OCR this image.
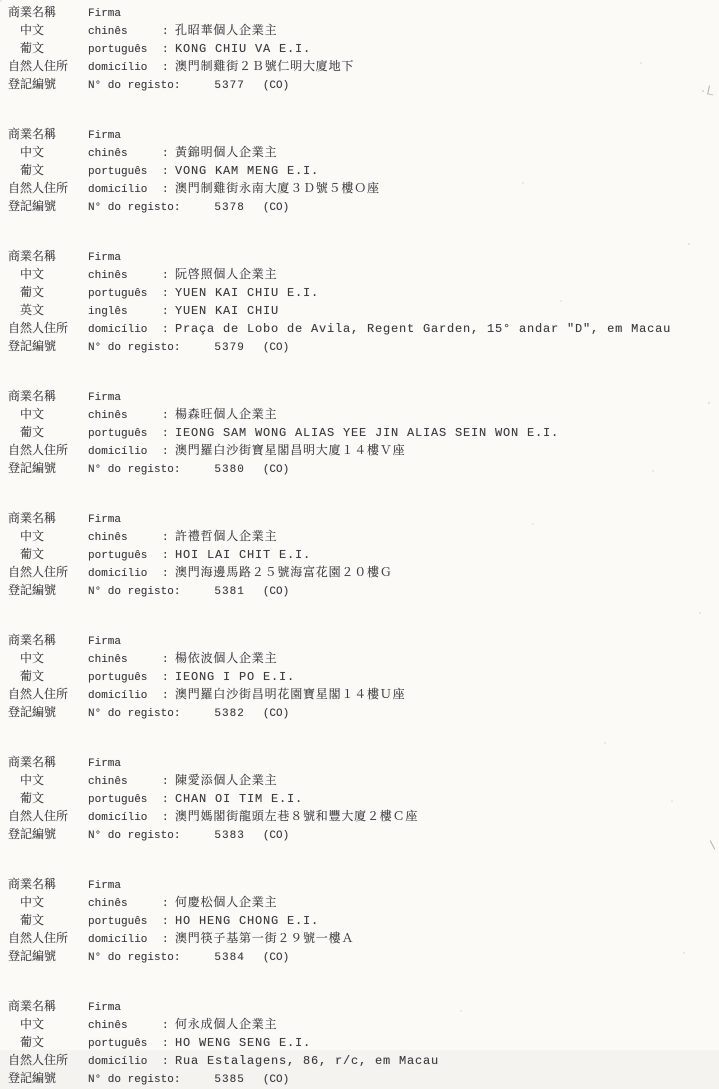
商業名稱	Firma
中文	chinês	: 孔昭華個人企業主
葡文	português	: KONG CHIU VA E.I.
自然人住所	domicílio	: 澳門制雞街２Ｂ號仁明大廈地下
登記編號	N° do registo:	5377 (CO)
商業名稱	Firma
中文	chinês	: 黃錦明個人企業主
葡文	português	: VONG KAM MENG E.I.
自然人住所	domicílio	: 澳門制雞街永南大廈３Ｄ號５樓Ｏ座
登記編號	N° do registo:	5378 (CO)
商業名稱	Firma
中文	chinês	: 阮啓照個人企業主
葡文	português	: YUEN KAI CHIU E.I.
英文	inglês	: YUEN KAI CHIU
自然人住所	domicílio	: Praça de Lobo de Avila, Regent Garden, 15° andar "D", em Macau
登記編號	N° do registo:	5379 (CO)
商業名稱	Firma
中文	chinês	: 楊森旺個人企業主
葡文	português	: IEONG SAM WONG ALIAS YEE JIN ALIAS SEIN WON E.I.
自然人住所	domicílio	: 澳門羅白沙街寶星閣昌明大廈１４樓Ｖ座
登記編號	N° do registo:	5380 (CO)
商業名稱	Firma
中文	chinês	: 許禮哲個人企業主
葡文	português	: HOI LAI CHIT E.I.
自然人住所	domicílio	: 澳門海邊馬路２５號海富花園２０樓Ｇ
登記編號	N° do registo:	5381 (CO)
商業名稱	Firma
中文	chinês	: 楊依波個人企業主
葡文	português	: IEONG I PO E.I.
自然人住所	domicílio	: 澳門羅白沙街昌明花園寶星閣１４樓Ｕ座
登記編號	N° do registo:	5382 (CO)
商業名稱	Firma
中文	chinês	: 陳愛添個人企業主
葡文	português	: CHAN OI TIM E.I.
自然人住所	domicílio	: 澳門媽閣街龍頭左巷８號和豐大廈２樓Ｃ座
登記編號	N° do registo:	5383 (CO)
商業名稱	Firma
中文	chinês	: 何慶松個人企業主
葡文	português	: HO HENG CHONG E.I.
自然人住所	domicílio	: 澳門筷子基第一街２９號一樓Ａ
登記編號	N° do registo:	5384 (CO)
商業名稱	Firma
中文	chinês	: 何永成個人企業主
葡文	português	: HO WENG SENG E.I.
自然人住所	domicílio	: Rua Estalagens, 86, r/c, em Macau
登記編號	N° do registo:	5385 (CO)
